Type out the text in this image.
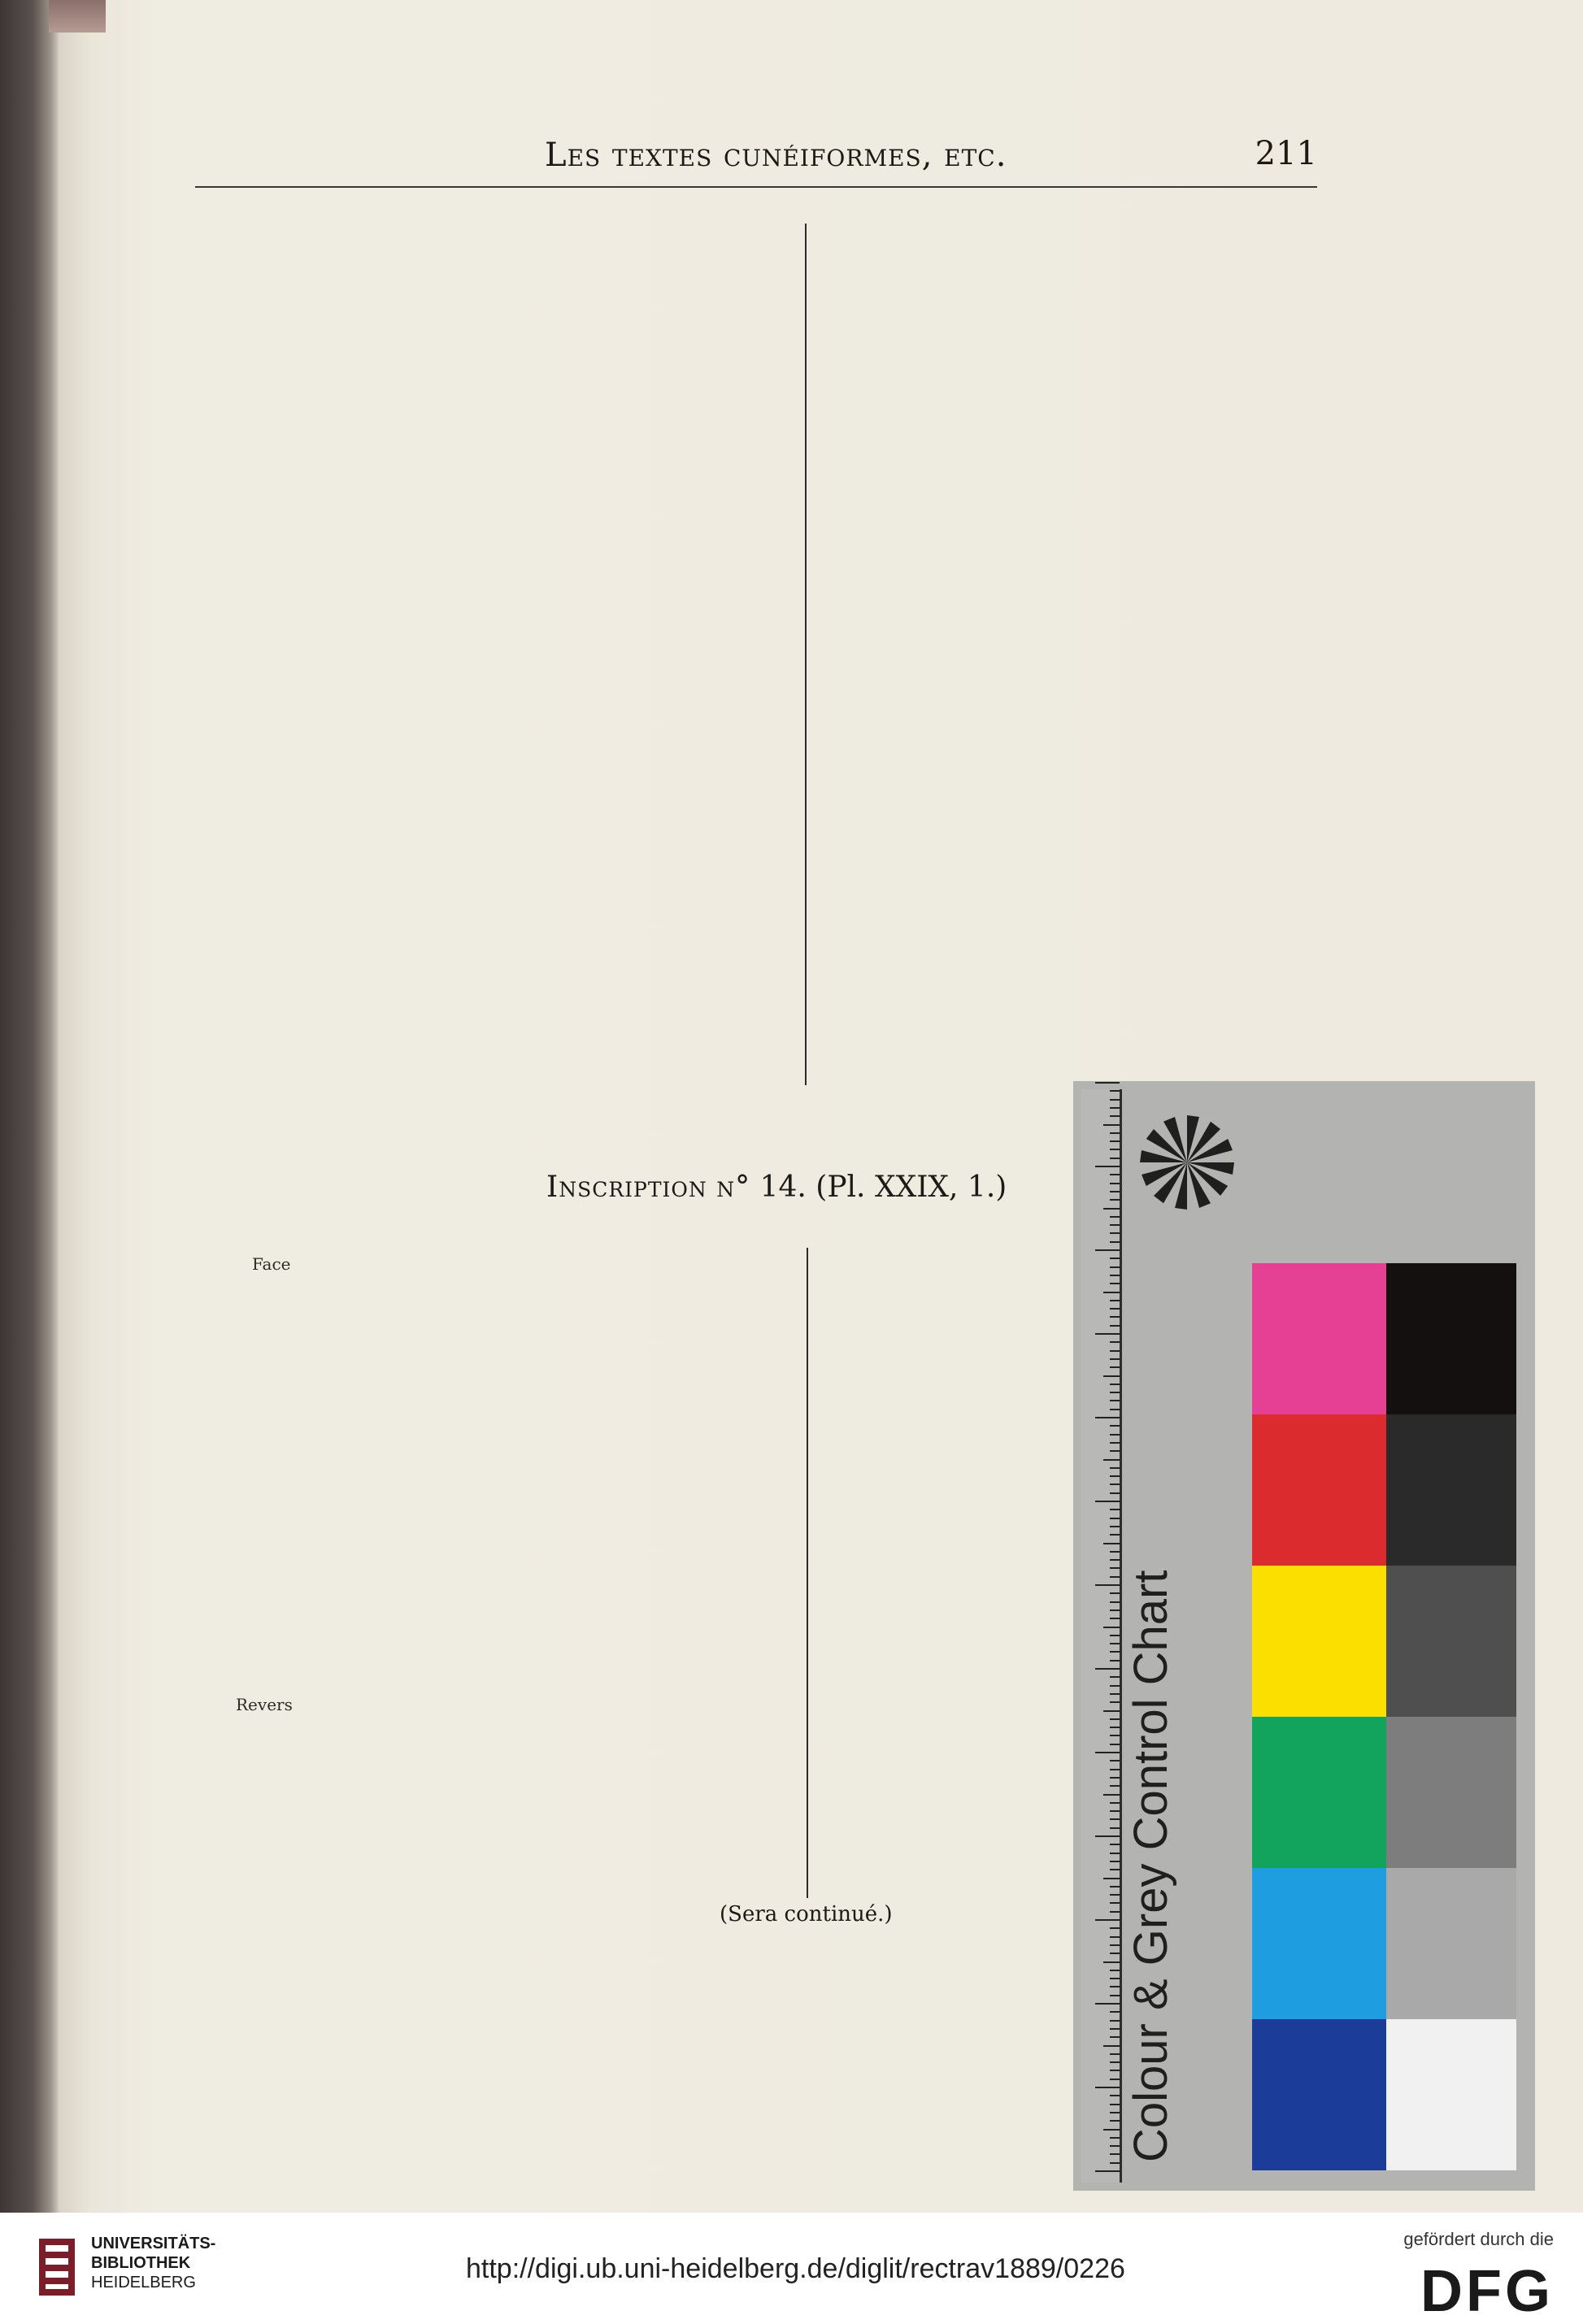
Les textes cunéiformes, etc.	211
Inscription n° 14. (Pl. XXIX, 1.)
Face
Revers
(Sera continué.)	Colour & Grey Control Chart
UNIVERSITÄTS-
BIBLIOTHEK
HEIDELBERG	http://digi.ub.uni-heidelberg.de/diglit/rectrav1889/0226
gefördert durch die
DFG
